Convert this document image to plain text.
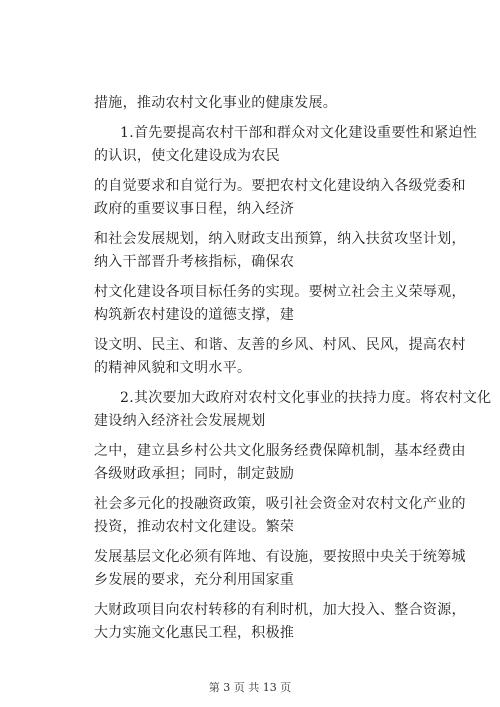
措施，推动农村文化事业的健康发展。
1.首先要提高农村干部和群众对文化建设重要性和紧迫性
的认识，使文化建设成为农民
的自觉要求和自觉行为。要把农村文化建设纳入各级党委和
政府的重要议事日程，纳入经济
和社会发展规划，纳入财政支出预算，纳入扶贫攻坚计划，
纳入干部晋升考核指标，确保农
村文化建设各项目标任务的实现。要树立社会主义荣辱观，
构筑新农村建设的道德支撑，建
设文明、民主、和谐、友善的乡风、村风、民风，提高农村
的精神风貌和文明水平。
2.其次要加大政府对农村文化事业的扶持力度。将农村文化
建设纳入经济社会发展规划
之中，建立县乡村公共文化服务经费保障机制，基本经费由
各级财政承担；同时，制定鼓励
社会多元化的投融资政策，吸引社会资金对农村文化产业的
投资，推动农村文化建设。繁荣
发展基层文化必须有阵地、有设施，要按照中央关于统筹城
乡发展的要求，充分利用国家重
大财政项目向农村转移的有利时机，加大投入、整合资源，
大力实施文化惠民工程，积极推
第 3 页 共 13 页
